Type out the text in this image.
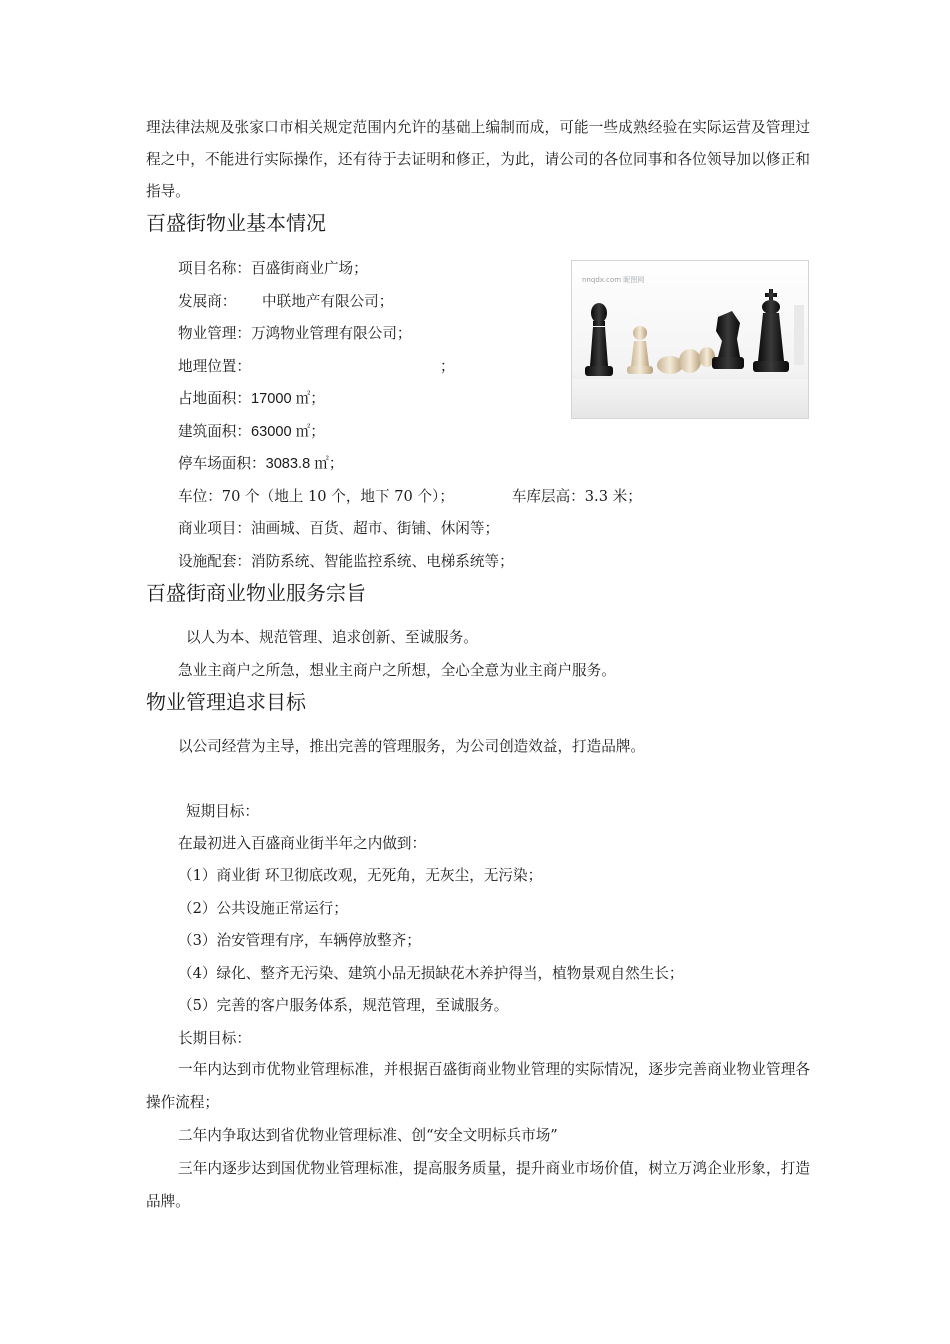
理法律法规及张家口市相关规定范围内允许的基础上编制而成，可能一些成熟经验在实际运营及管理过程之中，不能进行实际操作，还有待于去证明和修正，为此，请公司的各位同事和各位领导加以修正和指导。
百盛街物业基本情况
项目名称：百盛街商业广场；
发展商： 中联地产有限公司；
物业管理：万鸿物业管理有限公司；
地理位置：	；
占地面积：17000 ㎡；
建筑面积：63000 ㎡；
停车场面积：3083.8 ㎡；
车位：70 个（地上 10 个，地下 70 个）；	车库层高：3.3 米；
商业项目：油画城、百货、超市、街铺、休闲等；
设施配套：消防系统、智能监控系统、电梯系统等；
nnqdx.com 昵图网
百盛街商业物业服务宗旨
以人为本、规范管理、追求创新、至诚服务。
急业主商户之所急，想业主商户之所想，全心全意为业主商户服务。
物业管理追求目标
以公司经营为主导，推出完善的管理服务，为公司创造效益，打造品牌。
短期目标：
在最初进入百盛商业街半年之内做到：
（1）商业街 环卫彻底改观，无死角，无灰尘，无污染；
（2）公共设施正常运行；
（3）治安管理有序，车辆停放整齐；
（4）绿化、整齐无污染、建筑小品无损缺花木养护得当，植物景观自然生长；
（5）完善的客户服务体系，规范管理，至诚服务。
长期目标：
一年内达到市优物业管理标准，并根据百盛街商业物业管理的实际情况，逐步完善商业物业管理各操作流程；
二年内争取达到省优物业管理标准、创“安全文明标兵市场”
三年内逐步达到国优物业管理标准，提高服务质量，提升商业市场价值，树立万鸿企业形象，打造品牌。
